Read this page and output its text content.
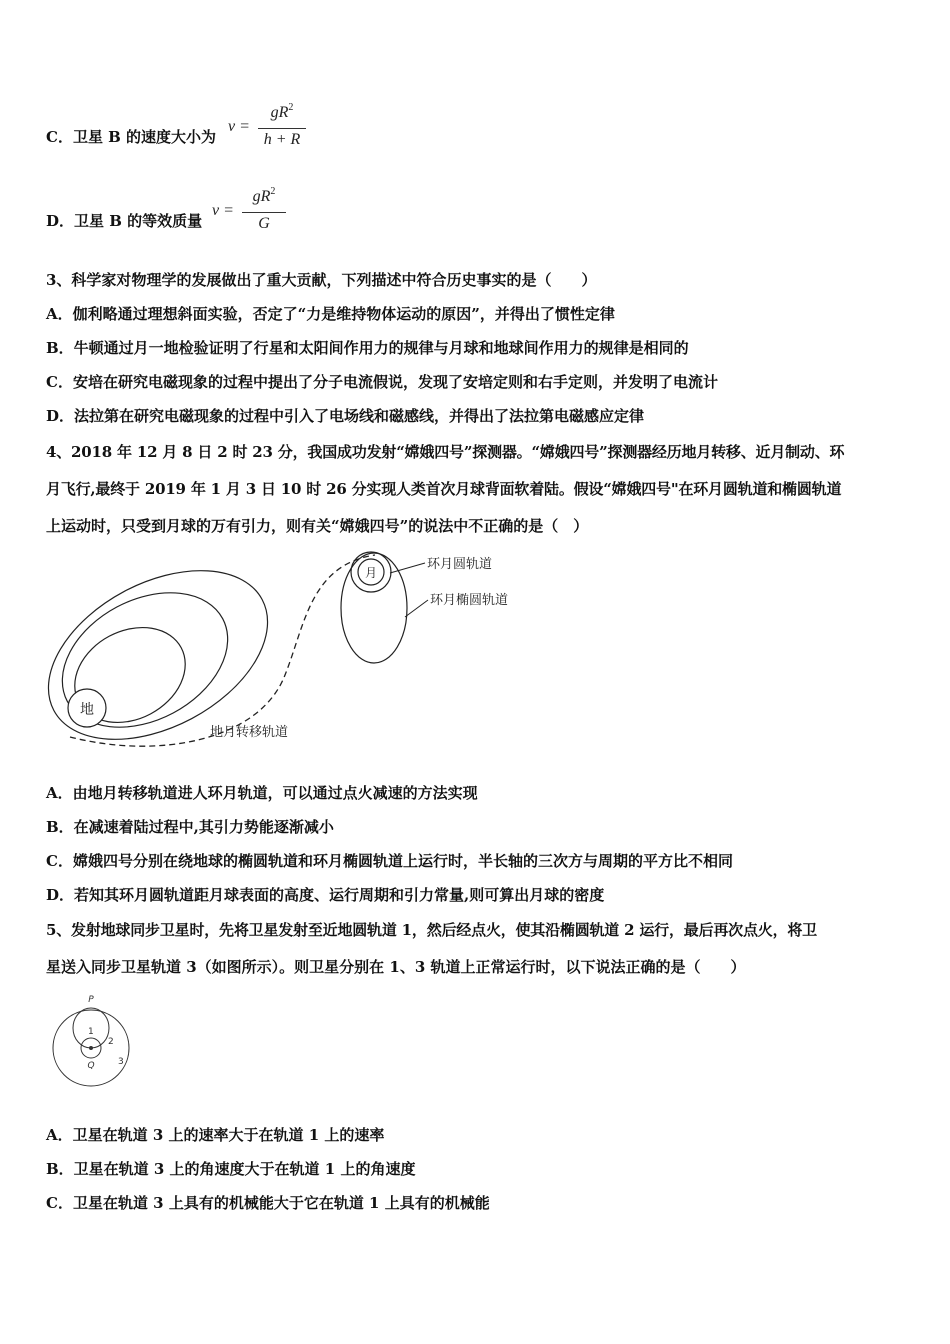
C．卫星 B 的速度大小为
v =
$gR^2$
h + R
D．卫星 B 的等效质量
v =
$gR^2$
G
3、科学家对物理学的发展做出了重大贡献，下列描述中符合历史事实的是（　　）
A．伽利略通过理想斜面实验，否定了“力是维持物体运动的原因”，并得出了惯性定律
B．牛顿通过月一地检验证明了行星和太阳间作用力的规律与月球和地球间作用力的规律是相同的
C．安培在研究电磁现象的过程中提出了分子电流假说，发现了安培定则和右手定则，并发明了电流计
D．法拉第在研究电磁现象的过程中引入了电场线和磁感线，并得出了法拉第电磁感应定律
4、2018 年 12 月 8 日 2 时 23 分，我国成功发射“嫦娥四号”探测器。“嫦娥四号”探测器经历地月转移、近月制动、环
月飞行,最终于 2019 年 1 月 3 日 10 时 26 分实现人类首次月球背面软着陆。假设“嫦娥四号"在环月圆轨道和椭圆轨道
上运动时，只受到月球的万有引力，则有关“嫦娥四号”的说法中不正确的是（　）
地
月
环月圆轨道
环月椭圆轨道
地月转移轨道
A．由地月转移轨道进人环月轨道，可以通过点火减速的方法实现
B．在减速着陆过程中,其引力势能逐渐减小
C．嫦娥四号分别在绕地球的椭圆轨道和环月椭圆轨道上运行时，半长轴的三次方与周期的平方比不相同
D．若知其环月圆轨道距月球表面的高度、运行周期和引力常量,则可算出月球的密度
5、发射地球同步卫星时，先将卫星发射至近地圆轨道 1，然后经点火，使其沿椭圆轨道 2 运行，最后再次点火，将卫
星送入同步卫星轨道 3（如图所示）。则卫星分别在 1、3 轨道上正常运行时，以下说法正确的是（　　）
P
Q
1
2
3
A．卫星在轨道 3 上的速率大于在轨道 1 上的速率
B．卫星在轨道 3 上的角速度大于在轨道 1 上的角速度
C．卫星在轨道 3 上具有的机械能大于它在轨道 1 上具有的机械能
